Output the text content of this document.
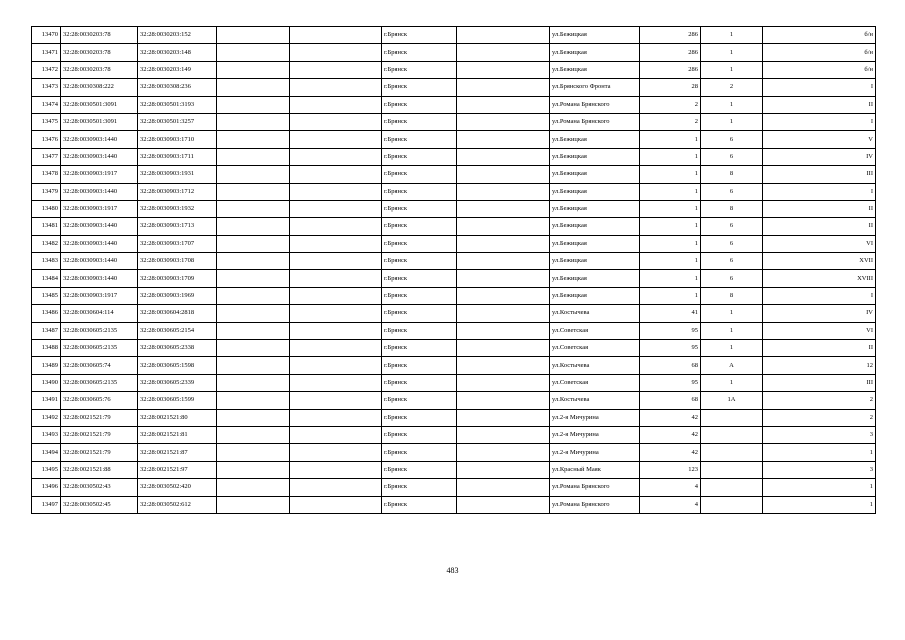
13470	32:28:0030203:78	32:28:0030203:152			г.Брянск		ул.Бежицкая	286	1	б/н
13471	32:28:0030203:78	32:28:0030203:148			г.Брянск		ул.Бежицкая	286	1	б/н
13472	32:28:0030203:78	32:28:0030203:149			г.Брянск		ул.Бежицкая	286	1	б/н
13473	32:28:0030308:222	32:28:0030308:236			г.Брянск		ул.Брянского Фронта	28	2	I
13474	32:28:0030501:3091	32:28:0030501:3193			г.Брянск		ул.Романа Брянского	2	1	II
13475	32:28:0030501:3091	32:28:0030501:3257			г.Брянск		ул.Романа Брянского	2	1	I
13476	32:28:0030903:1440	32:28:0030903:1710			г.Брянск		ул.Бежицкая	1	6	V
13477	32:28:0030903:1440	32:28:0030903:1711			г.Брянск		ул.Бежицкая	1	6	IV
13478	32:28:0030903:1917	32:28:0030903:1931			г.Брянск		ул.Бежицкая	1	8	III
13479	32:28:0030903:1440	32:28:0030903:1712			г.Брянск		ул.Бежицкая	1	6	I
13480	32:28:0030903:1917	32:28:0030903:1932			г.Брянск		ул.Бежицкая	1	8	II
13481	32:28:0030903:1440	32:28:0030903:1713			г.Брянск		ул.Бежицкая	1	6	II
13482	32:28:0030903:1440	32:28:0030903:1707			г.Брянск		ул.Бежицкая	1	6	VI
13483	32:28:0030903:1440	32:28:0030903:1708			г.Брянск		ул.Бежицкая	1	6	XVII
13484	32:28:0030903:1440	32:28:0030903:1709			г.Брянск		ул.Бежицкая	1	6	XVIII
13485	32:28:0030903:1917	32:28:0030903:1969			г.Брянск		ул.Бежицкая	1	8	I
13486	32:28:0030604:114	32:28:0030604:2818			г.Брянск		ул.Костычева	41	1	IV
13487	32:28:0030605:2135	32:28:0030605:2154			г.Брянск		ул.Советская	95	1	VI
13488	32:28:0030605:2135	32:28:0030605:2338			г.Брянск		ул.Советская	95	1	II
13489	32:28:0030605:74	32:28:0030605:1598			г.Брянск		ул.Костычева	68	А	12
13490	32:28:0030605:2135	32:28:0030605:2339			г.Брянск		ул.Советская	95	1	III
13491	32:28:0030605:76	32:28:0030605:1599			г.Брянск		ул.Костычева	68	1А	2
13492	32:28:0021521:79	32:28:0021521:80			г.Брянск		ул.2-я Мичурина	42		2
13493	32:28:0021521:79	32:28:0021521:81			г.Брянск		ул.2-я Мичурина	42		3
13494	32:28:0021521:79	32:28:0021521:87			г.Брянск		ул.2-я Мичурина	42		1
13495	32:28:0021521:88	32:28:0021521:97			г.Брянск		ул.Красный Маяк	123		3
13496	32:28:0030502:43	32:28:0030502:420			г.Брянск		ул.Романа Брянского	4		1
13497	32:28:0030502:45	32:28:0030502:612			г.Брянск		ул.Романа Брянского	4		1
483
